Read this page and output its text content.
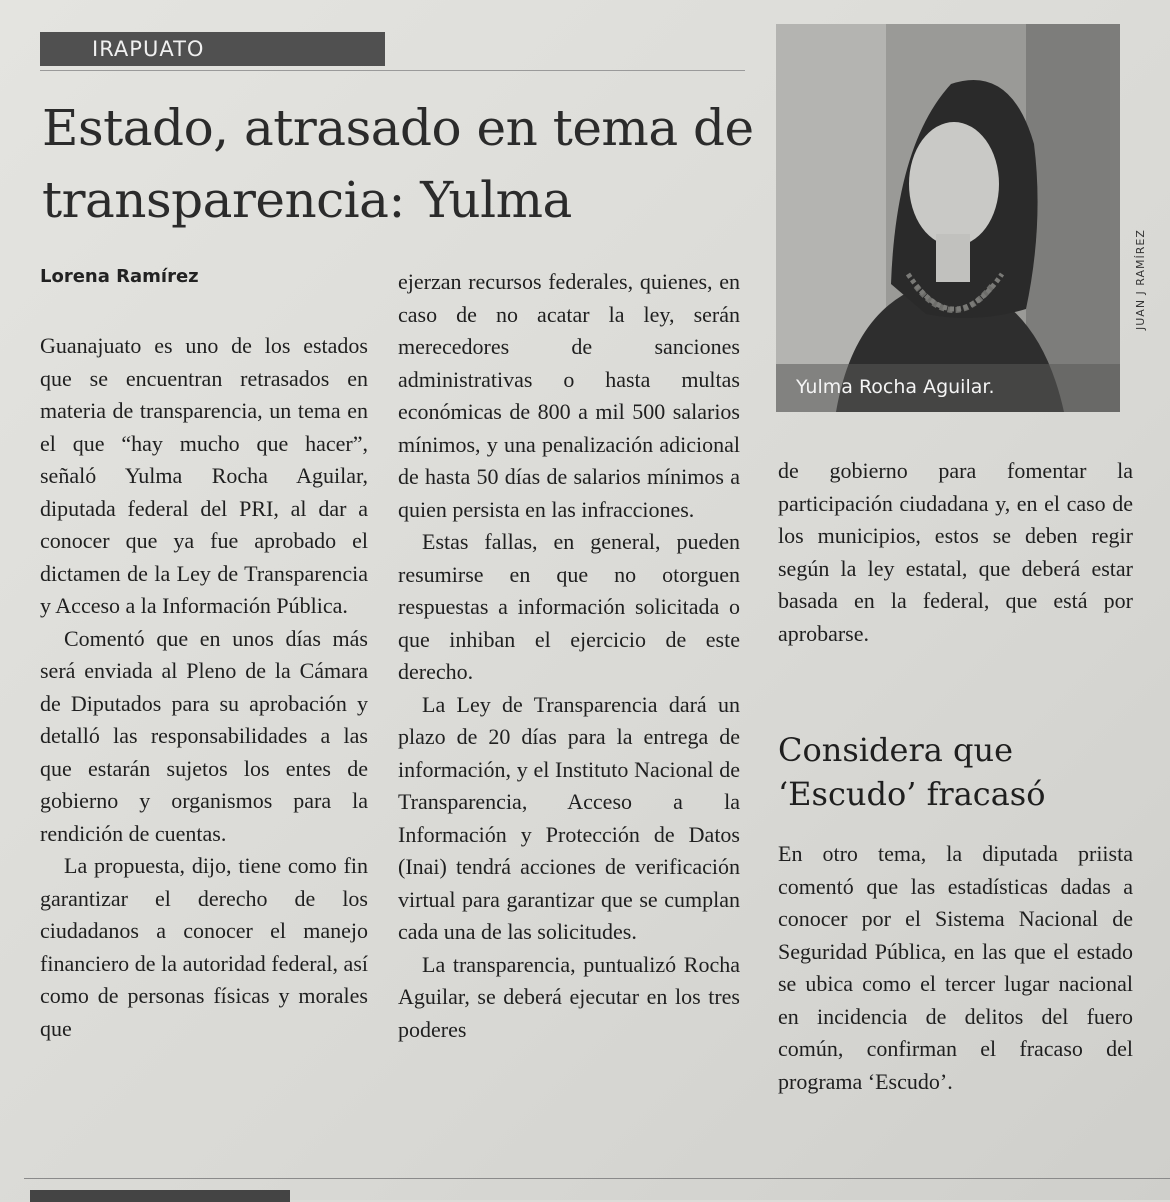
IRAPUATO
Estado, atrasado en tema de transparencia: Yulma
Lorena Ramírez

Guanajuato es uno de los estados que se encuentran retrasados en materia de transparencia, un tema en el que “hay mucho que hacer”, señaló Yulma Rocha Aguilar, diputada federal del PRI, al dar a conocer que ya fue aprobado el dictamen de la Ley de Transparencia y Acceso a la Información Pública.

Comentó que en unos días más será enviada al Pleno de la Cámara de Diputados para su aprobación y detalló las responsabilidades a las que estarán sujetos los entes de gobierno y organismos para la rendición de cuentas.

La propuesta, dijo, tiene como fin garantizar el derecho de los ciudadanos a conocer el manejo financiero de la autoridad federal, así como de personas físicas y morales que

ejerzan recursos federales, quienes, en caso de no acatar la ley, serán merecedores de sanciones administrativas o hasta multas económicas de 800 a mil 500 salarios mínimos, y una penalización adicional de hasta 50 días de salarios mínimos a quien persista en las infracciones.

Estas fallas, en general, pueden resumirse en que no otorguen respuestas a información solicitada o que inhiban el ejercicio de este derecho.

La Ley de Transparencia dará un plazo de 20 días para la entrega de información, y el Instituto Nacional de Transparencia, Acceso a la Información y Protección de Datos (Inai) tendrá acciones de verificación virtual para garantizar que se cumplan cada una de las solicitudes.

La transparencia, puntualizó Rocha Aguilar, se deberá ejecutar en los tres poderes

Yulma Rocha Aguilar.
JUAN J RAMÍREZ

de gobierno para fomentar la participación ciudadana y, en el caso de los municipios, estos se deben regir según la ley estatal, que deberá estar basada en la federal, que está por aprobarse.

Considera que ‘Escudo’ fracasó

En otro tema, la diputada priista comentó que las estadísticas dadas a conocer por el Sistema Nacional de Seguridad Pública, en las que el estado se ubica como el tercer lugar nacional en incidencia de delitos del fuero común, confirman el fracaso del programa ‘Escudo’.
